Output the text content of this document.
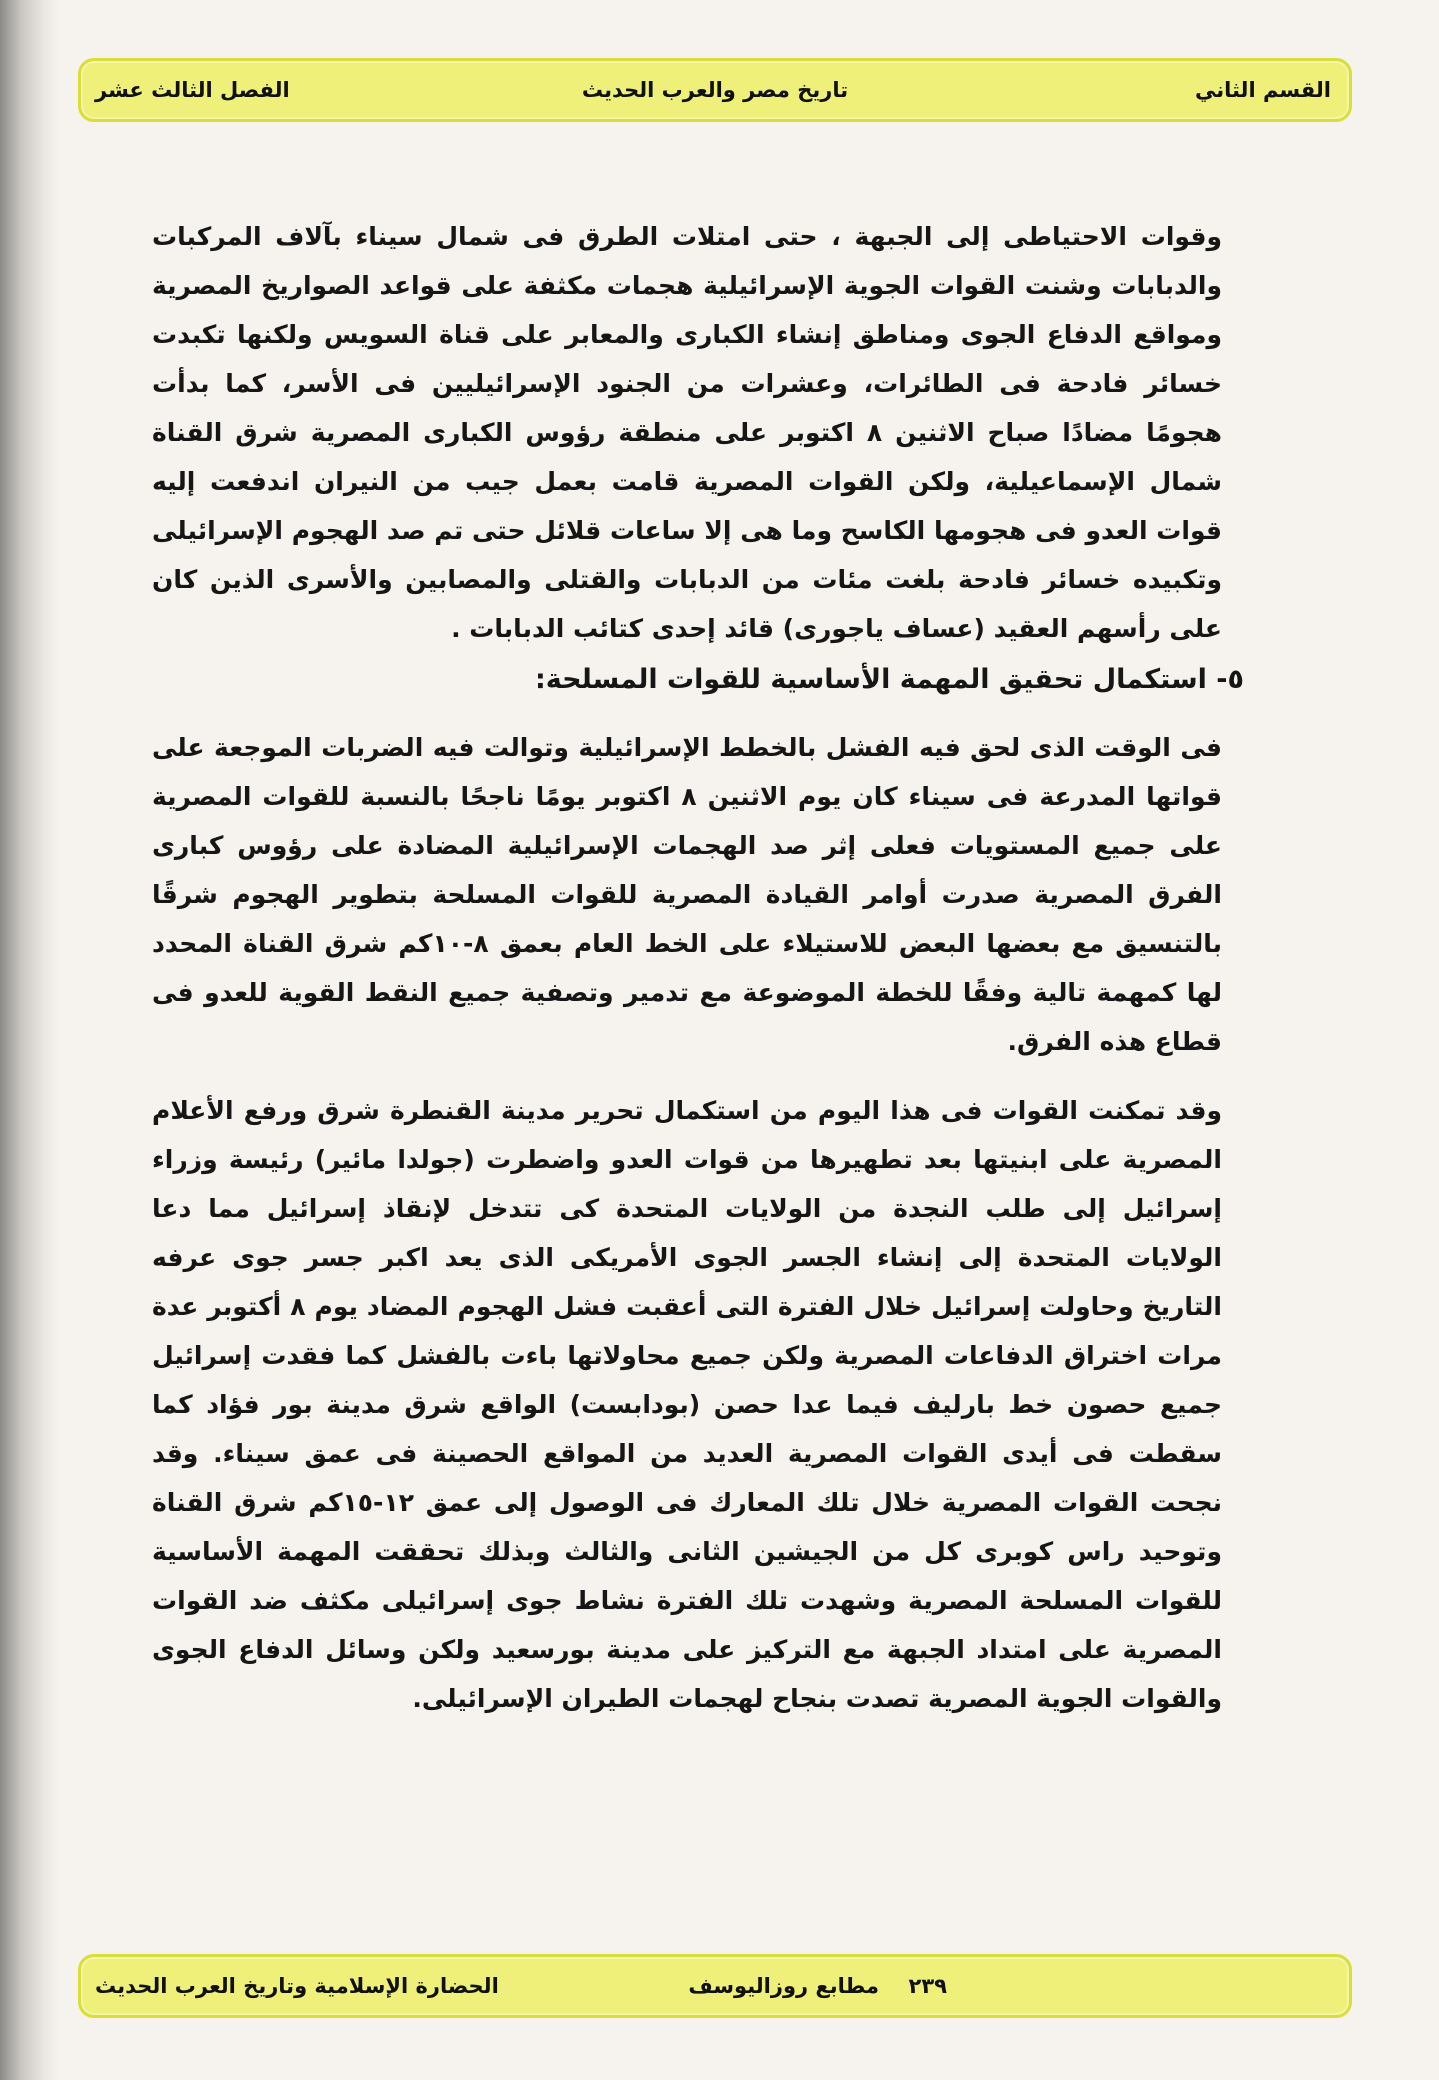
القسم الثاني
تاريخ مصر والعرب الحديث
الفصل الثالث عشر

وقوات الاحتياطى إلى الجبهة ، حتى امتلات الطرق فى شمال سيناء بآلاف المركبات والدبابات وشنت القوات الجوية الإسرائيلية هجمات مكثفة على قواعد الصواريخ المصرية ومواقع الدفاع الجوى ومناطق إنشاء الكبارى والمعابر على قناة السويس ولكنها تكبدت خسائر فادحة فى الطائرات، وعشرات من الجنود الإسرائيليين فى الأسر، كما بدأت هجومًا مضادًا صباح الاثنين ٨ اكتوبر على منطقة رؤوس الكبارى المصرية شرق القناة شمال الإسماعيلية، ولكن القوات المصرية قامت بعمل جيب من النيران اندفعت إليه قوات العدو فى هجومها الكاسح وما هى إلا ساعات قلائل حتى تم صد الهجوم الإسرائيلى وتكبيده خسائر فادحة بلغت مئات من الدبابات والقتلى والمصابين والأسرى الذين كان على رأسهم العقيد (عساف ياجورى) قائد إحدى كتائب الدبابات .

٥- استكمال تحقيق المهمة الأساسية للقوات المسلحة:

فى الوقت الذى لحق فيه الفشل بالخطط الإسرائيلية وتوالت فيه الضربات الموجعة على قواتها المدرعة فى سيناء كان يوم الاثنين ٨ اكتوبر يومًا ناجحًا بالنسبة للقوات المصرية على جميع المستويات فعلى إثر صد الهجمات الإسرائيلية المضادة على رؤوس كبارى الفرق المصرية صدرت أوامر القيادة المصرية للقوات المسلحة بتطوير الهجوم شرقًا بالتنسيق مع بعضها البعض للاستيلاء على الخط العام بعمق ٨-١٠كم شرق القناة المحدد لها كمهمة تالية وفقًا للخطة الموضوعة مع تدمير وتصفية جميع النقط القوية للعدو فى قطاع هذه الفرق.

وقد تمكنت القوات فى هذا اليوم من استكمال تحرير مدينة القنطرة شرق ورفع الأعلام المصرية على ابنيتها بعد تطهيرها من قوات العدو واضطرت (جولدا مائير) رئيسة وزراء إسرائيل إلى طلب النجدة من الولايات المتحدة كى تتدخل لإنقاذ إسرائيل مما دعا الولايات المتحدة إلى إنشاء الجسر الجوى الأمريكى الذى يعد اكبر جسر جوى عرفه التاريخ وحاولت إسرائيل خلال الفترة التى أعقبت فشل الهجوم المضاد يوم ٨ أكتوبر عدة مرات اختراق الدفاعات المصرية ولكن جميع محاولاتها باءت بالفشل كما فقدت إسرائيل جميع حصون خط بارليف فيما عدا حصن (بودابست) الواقع شرق مدينة بور فؤاد كما سقطت فى أيدى القوات المصرية العديد من المواقع الحصينة فى عمق سيناء. وقد نجحت القوات المصرية خلال تلك المعارك فى الوصول إلى عمق ١٢-١٥كم شرق القناة وتوحيد راس كوبرى كل من الجيشين الثانى والثالث وبذلك تحققت المهمة الأساسية للقوات المسلحة المصرية وشهدت تلك الفترة نشاط جوى إسرائيلى مكثف ضد القوات المصرية على امتداد الجبهة مع التركيز على مدينة بورسعيد ولكن وسائل الدفاع الجوى والقوات الجوية المصرية تصدت بنجاح لهجمات الطيران الإسرائيلى.

مطابع روزاليوسف ٢٣٩
الحضارة الإسلامية وتاريخ العرب الحديث
